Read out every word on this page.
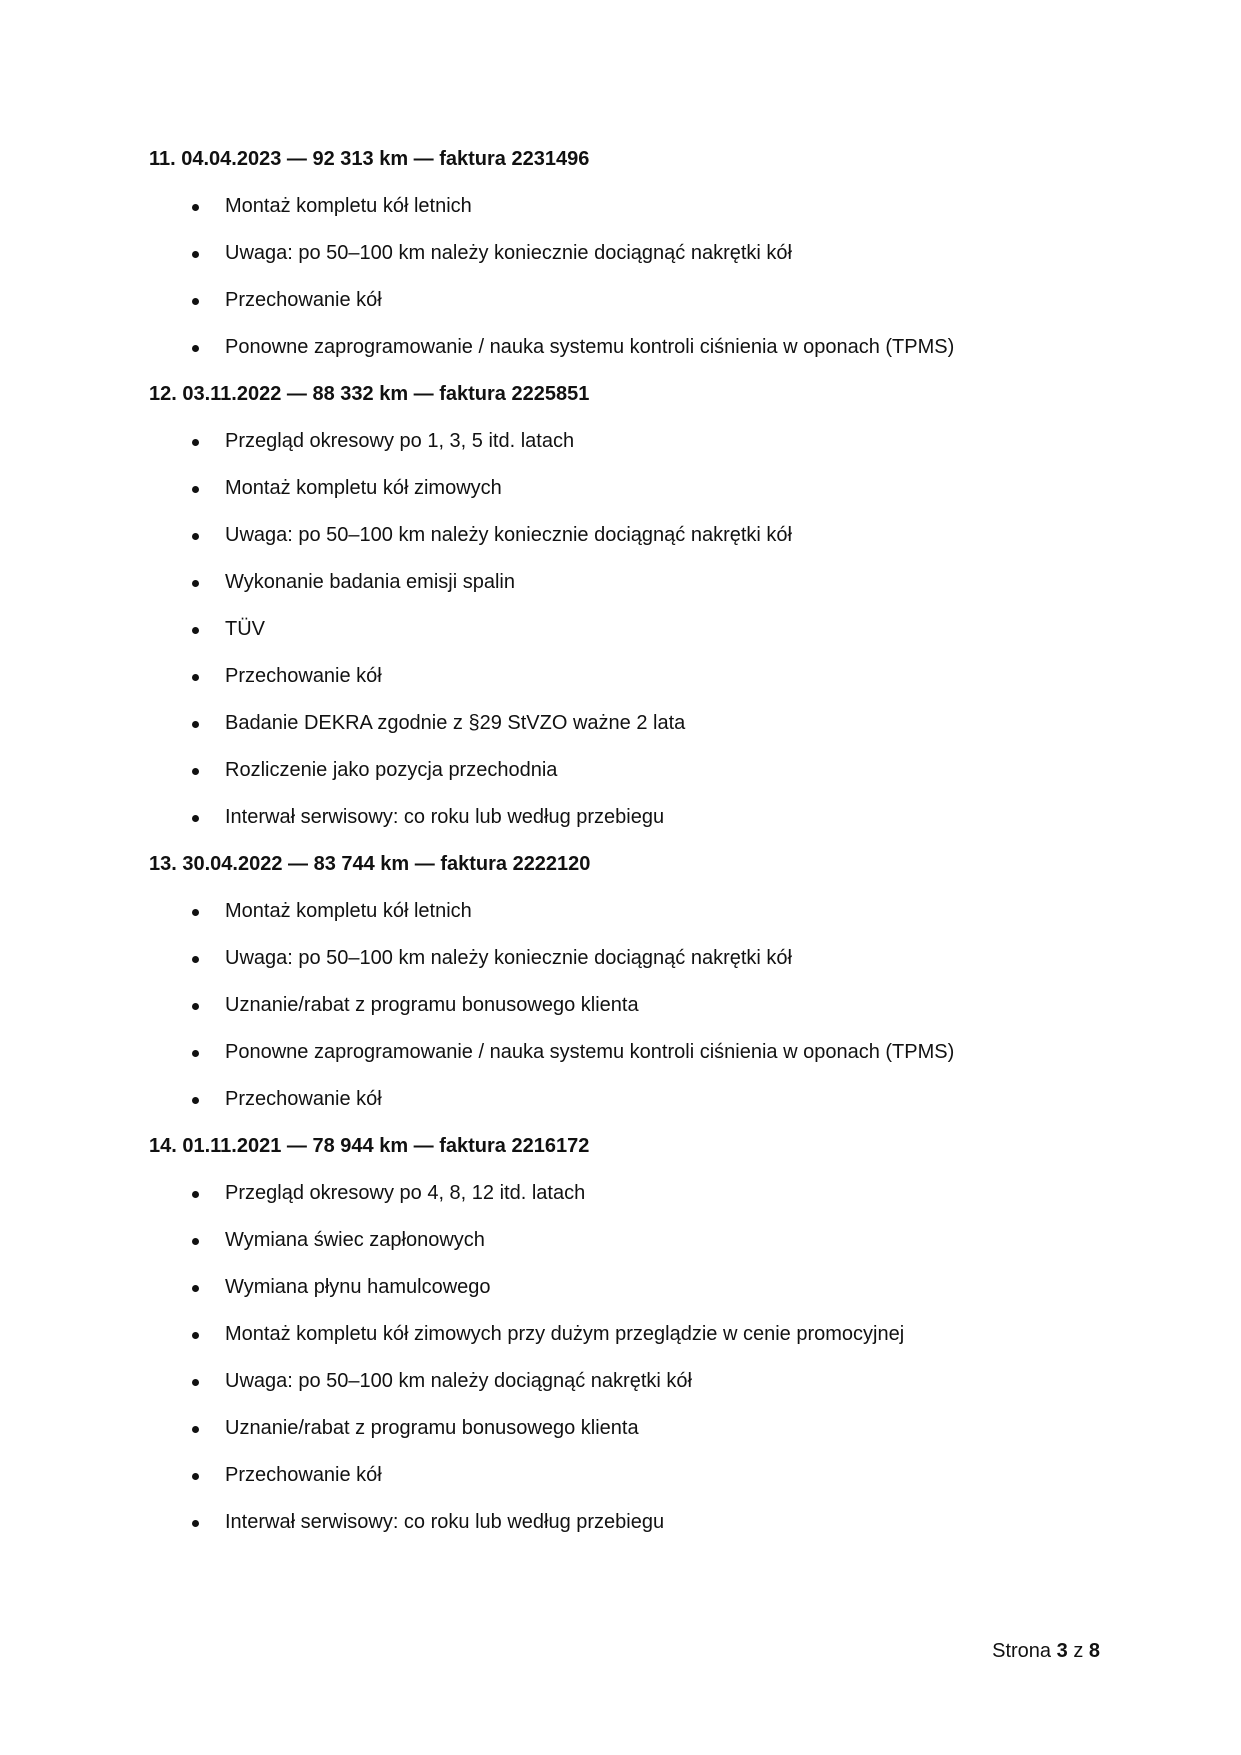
11. 04.04.2023 — 92 313 km — faktura 2231496
Montaż kompletu kół letnich
Uwaga: po 50–100 km należy koniecznie dociągnąć nakrętki kół
Przechowanie kół
Ponowne zaprogramowanie / nauka systemu kontroli ciśnienia w oponach (TPMS)
12. 03.11.2022 — 88 332 km — faktura 2225851
Przegląd okresowy po 1, 3, 5 itd. latach
Montaż kompletu kół zimowych
Uwaga: po 50–100 km należy koniecznie dociągnąć nakrętki kół
Wykonanie badania emisji spalin
TÜV
Przechowanie kół
Badanie DEKRA zgodnie z §29 StVZO ważne 2 lata
Rozliczenie jako pozycja przechodnia
Interwał serwisowy: co roku lub według przebiegu
13. 30.04.2022 — 83 744 km — faktura 2222120
Montaż kompletu kół letnich
Uwaga: po 50–100 km należy koniecznie dociągnąć nakrętki kół
Uznanie/rabat z programu bonusowego klienta
Ponowne zaprogramowanie / nauka systemu kontroli ciśnienia w oponach (TPMS)
Przechowanie kół
14. 01.11.2021 — 78 944 km — faktura 2216172
Przegląd okresowy po 4, 8, 12 itd. latach
Wymiana świec zapłonowych
Wymiana płynu hamulcowego
Montaż kompletu kół zimowych przy dużym przeglądzie w cenie promocyjnej
Uwaga: po 50–100 km należy dociągnąć nakrętki kół
Uznanie/rabat z programu bonusowego klienta
Przechowanie kół
Interwał serwisowy: co roku lub według przebiegu
Strona 3 z 8
